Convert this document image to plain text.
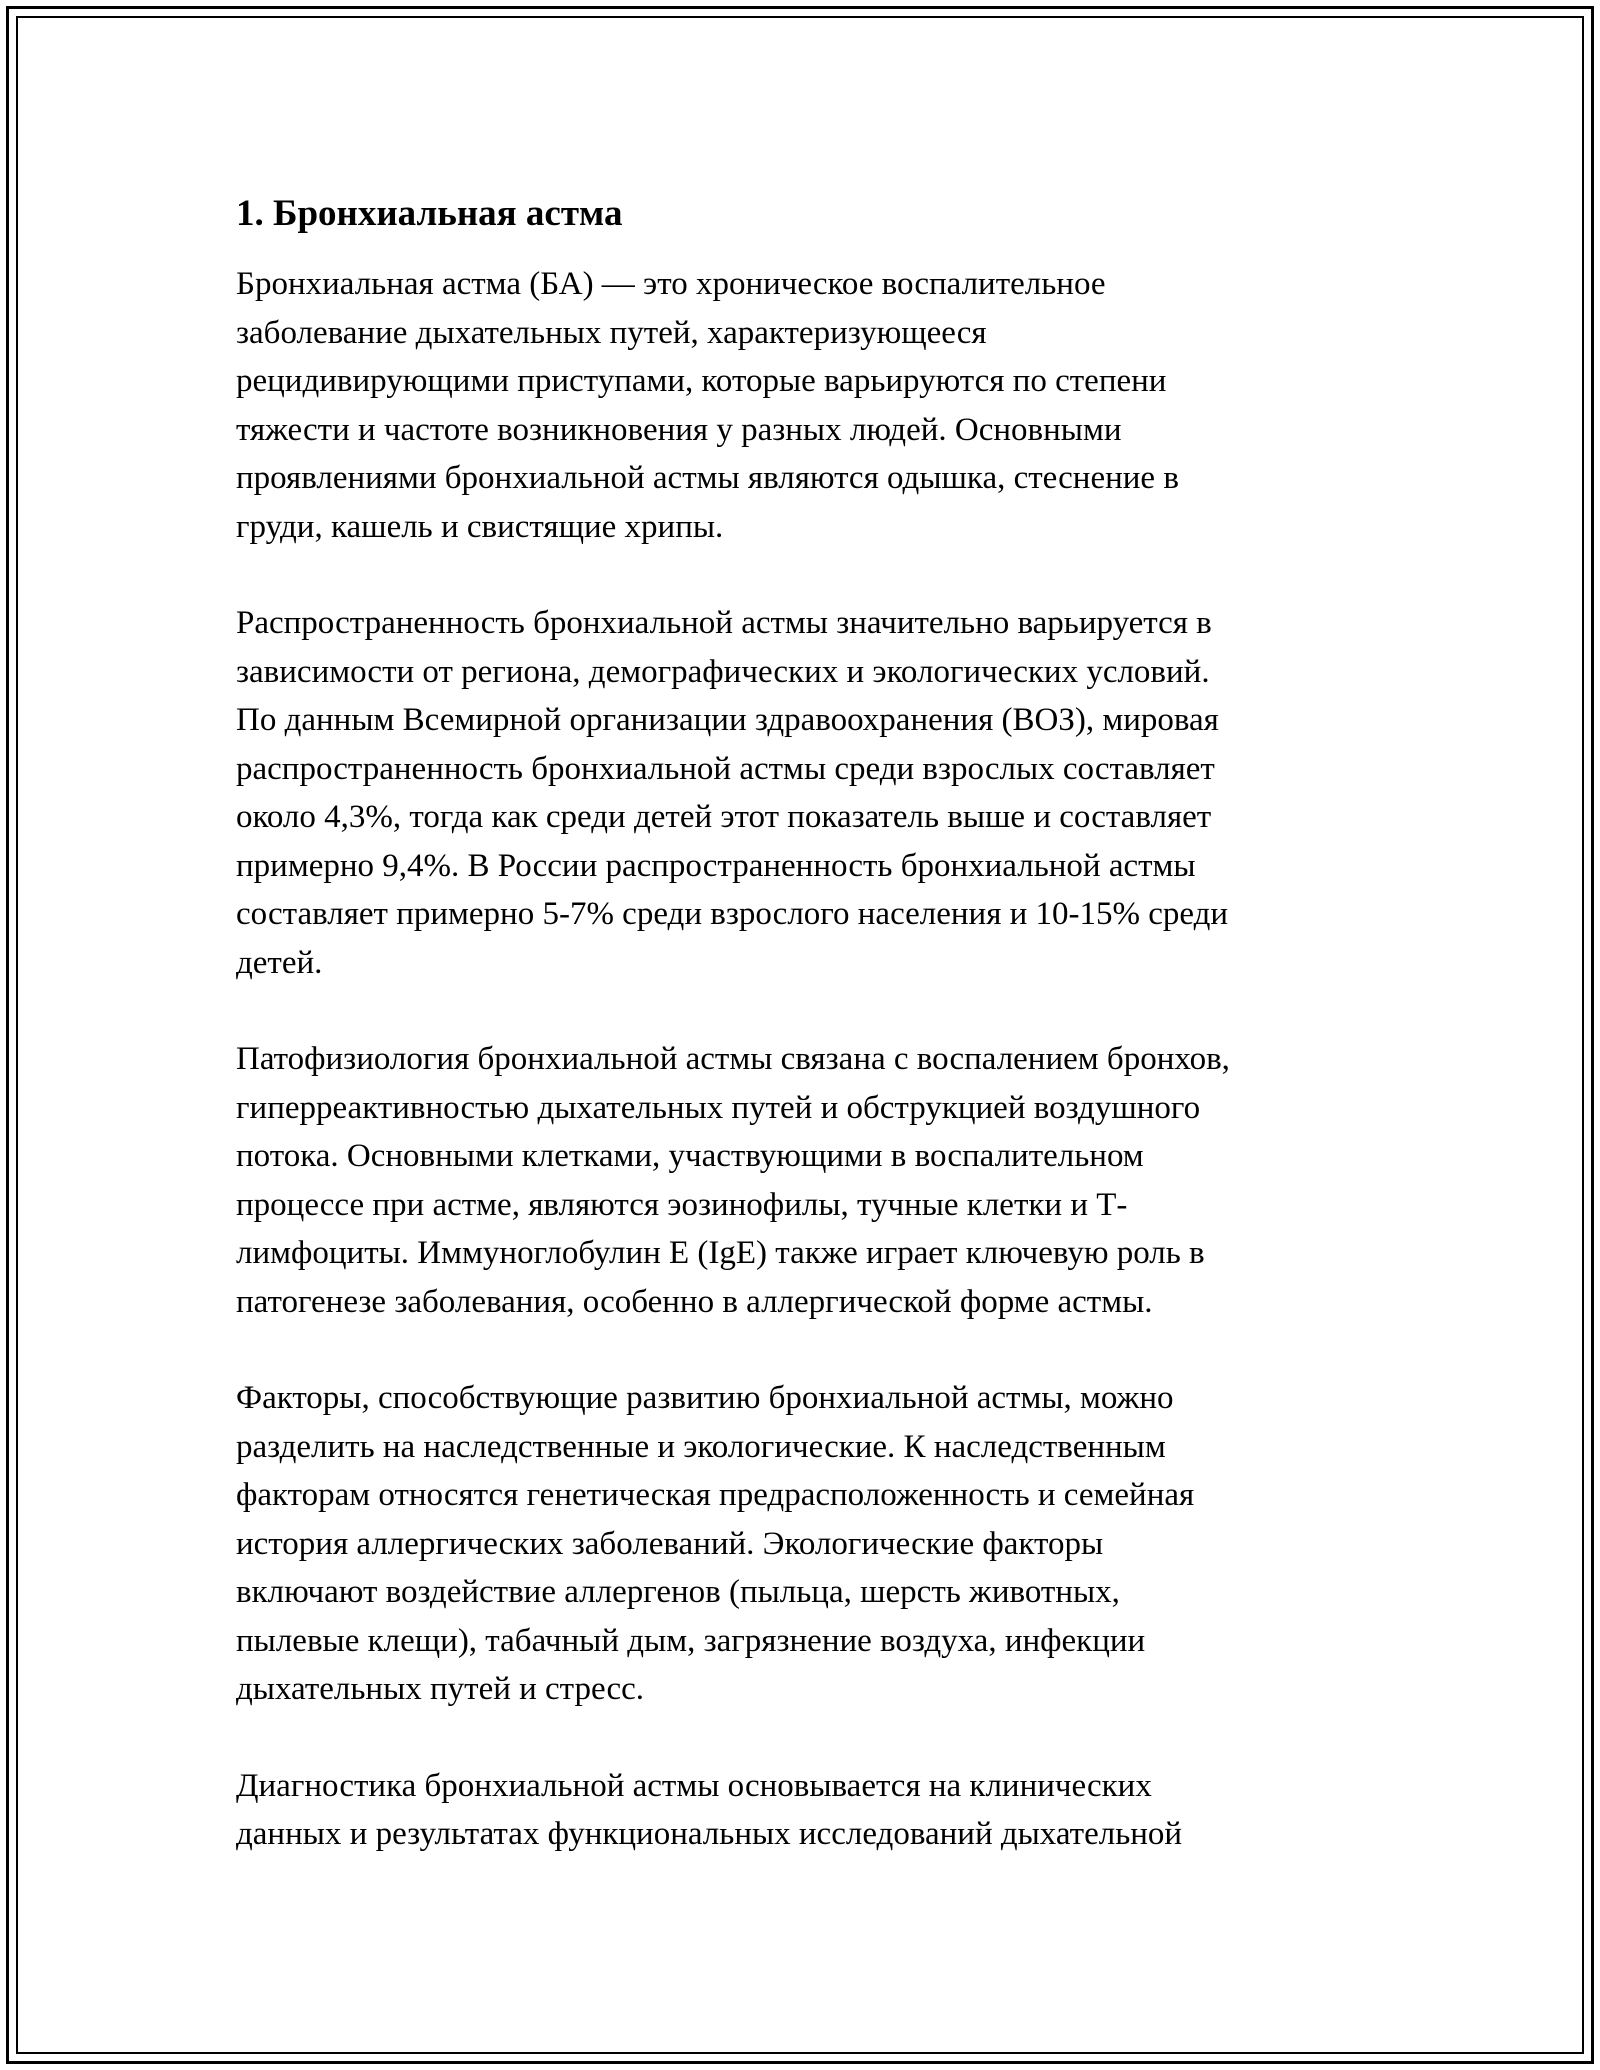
1. Бронхиальная астма

Бронхиальная астма (БА) — это хроническое воспалительное
заболевание дыхательных путей, характеризующееся
рецидивирующими приступами, которые варьируются по степени
тяжести и частоте возникновения у разных людей. Основными
проявлениями бронхиальной астмы являются одышка, стеснение в
груди, кашель и свистящие хрипы.

Распространенность бронхиальной астмы значительно варьируется в
зависимости от региона, демографических и экологических условий.
По данным Всемирной организации здравоохранения (ВОЗ), мировая
распространенность бронхиальной астмы среди взрослых составляет
около 4,3%, тогда как среди детей этот показатель выше и составляет
примерно 9,4%. В России распространенность бронхиальной астмы
составляет примерно 5-7% среди взрослого населения и 10-15% среди
детей.

Патофизиология бронхиальной астмы связана с воспалением бронхов,
гиперреактивностью дыхательных путей и обструкцией воздушного
потока. Основными клетками, участвующими в воспалительном
процессе при астме, являются эозинофилы, тучные клетки и Т-
лимфоциты. Иммуноглобулин E (IgE) также играет ключевую роль в
патогенезе заболевания, особенно в аллергической форме астмы.

Факторы, способствующие развитию бронхиальной астмы, можно
разделить на наследственные и экологические. К наследственным
факторам относятся генетическая предрасположенность и семейная
история аллергических заболеваний. Экологические факторы
включают воздействие аллергенов (пыльца, шерсть животных,
пылевые клещи), табачный дым, загрязнение воздуха, инфекции
дыхательных путей и стресс.

Диагностика бронхиальной астмы основывается на клинических
данных и результатах функциональных исследований дыхательной
